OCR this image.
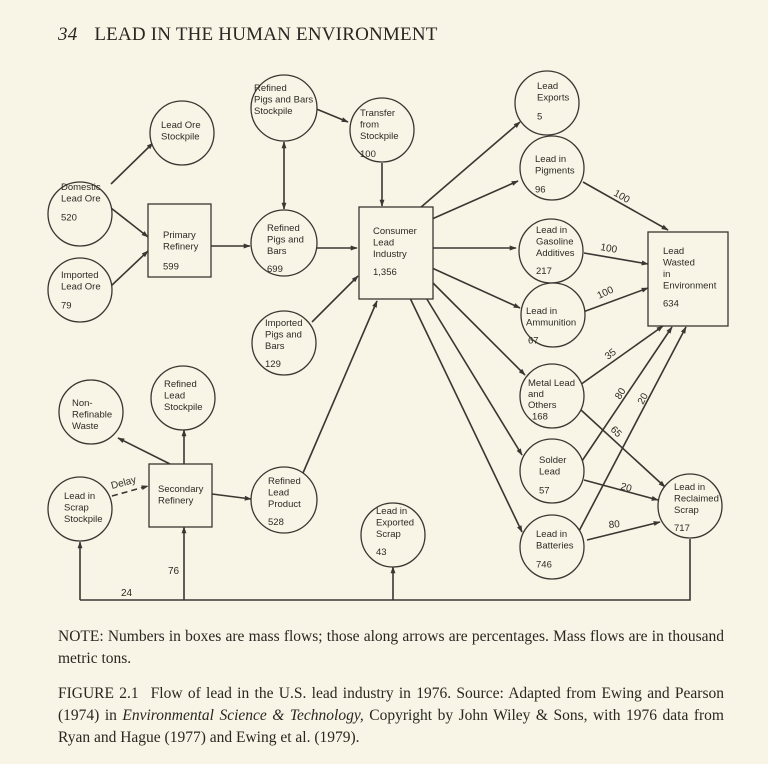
34 LEAD IN THE HUMAN ENVIRONMENT
Domestic Lead Ore 520
Imported Lead Ore 79
Lead Ore Stockpile
Primary Refinery 599
Refined Pigs and Bars Stockpile
Refined Pigs and Bars 699
Imported Pigs and Bars 129
Transfer from Stockpile 100
Consumer Lead Industry 1,356
Lead Exports 5
Lead in Pigments 96
Lead in Gasoline Additives 217
Lead in Ammunition 67
Metal Lead and Others 168
Solder Lead 57
Lead in Batteries 746
Lead Wasted in Environment 634
Lead in Reclaimed Scrap 717
Lead in Exported Scrap 43
Lead in Scrap Stockpile
Secondary Refinery
Non-Refinable Waste
Refined Lead Stockpile
Refined Lead Product 528
100
100
100
35
80 20
65
20
80
Delay
76
24
NOTE: Numbers in boxes are mass flows; those along arrows are percentages. Mass flows are in thousand metric tons.
FIGURE 2.1 Flow of lead in the U.S. lead industry in 1976. Source: Adapted from Ewing and Pearson (1974) in Environmental Science & Technology, Copyright by John Wiley & Sons, with 1976 data from Ryan and Hague (1977) and Ewing et al. (1979).
